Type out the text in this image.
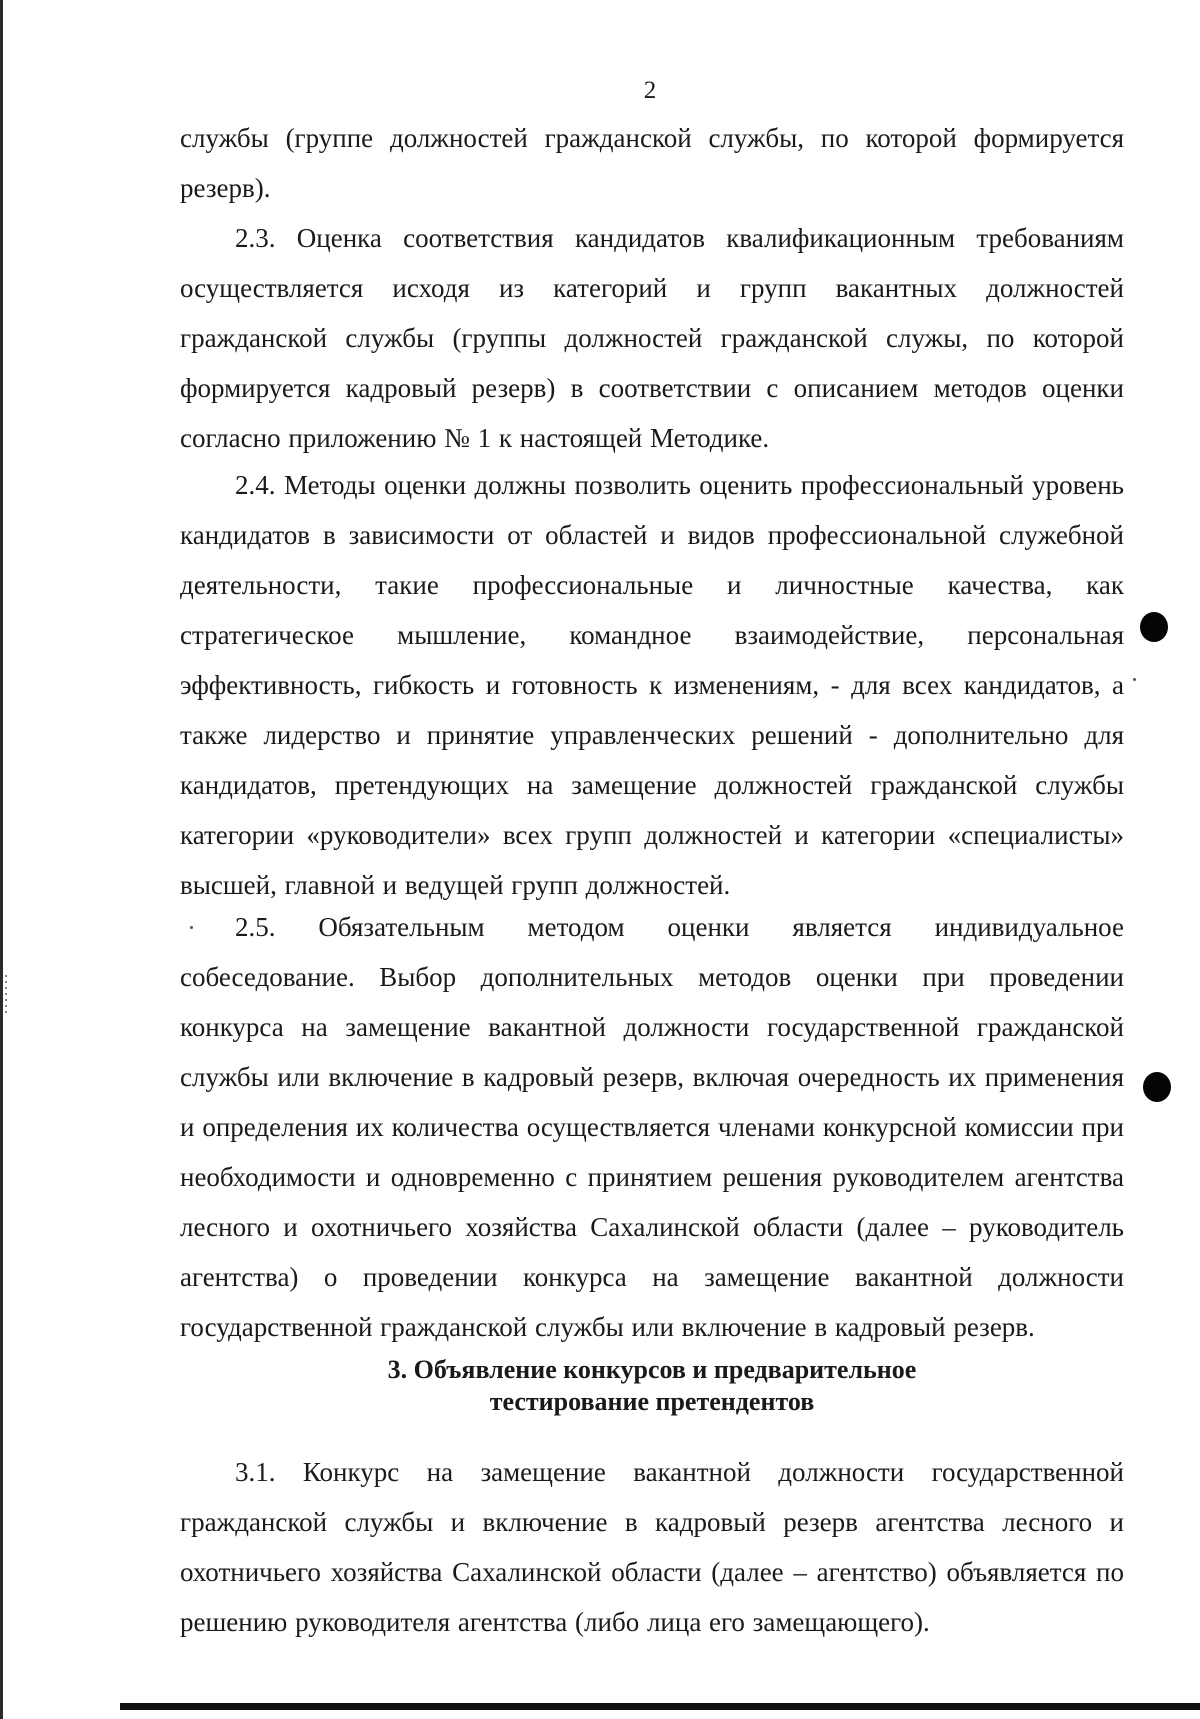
2

службы (группе должностей гражданской службы, по которой формируется резерв).

2.3. Оценка соответствия кандидатов квалификационным требованиям осуществляется исходя из категорий и групп вакантных должностей гражданской службы (группы должностей гражданской служы, по которой формируется кадровый резерв) в соответствии с описанием методов оценки согласно приложению № 1 к настоящей Методике.

2.4. Методы оценки должны позволить оценить профессиональный уровень кандидатов в зависимости от областей и видов профессиональной служебной деятельности, такие профессиональные и личностные качества, как стратегическое мышление, командное взаимодействие, персональная эффективность, гибкость и готовность к изменениям, - для всех кандидатов, а также лидерство и принятие управленческих решений - дополнительно для кандидатов, претендующих на замещение должностей гражданской службы категории «руководители» всех групп должностей и категории «специалисты» высшей, главной и ведущей групп должностей.

2.5. Обязательным методом оценки является индивидуальное собеседование. Выбор дополнительных методов оценки при проведении конкурса на замещение вакантной должности государственной гражданской службы или включение в кадровый резерв, включая очередность их применения и определения их количества осуществляется членами конкурсной комиссии при необходимости и одновременно с принятием решения руководителем агентства лесного и охотничьего хозяйства Сахалинской области (далее – руководитель агентства) о проведении конкурса на замещение вакантной должности государственной гражданской службы или включение в кадровый резерв.

3. Объявление конкурсов и предварительное
тестирование претендентов

3.1. Конкурс на замещение вакантной должности государственной гражданской службы и включение в кадровый резерв агентства лесного и охотничьего хозяйства Сахалинской области (далее – агентство) объявляется по решению руководителя агентства (либо лица его замещающего).
